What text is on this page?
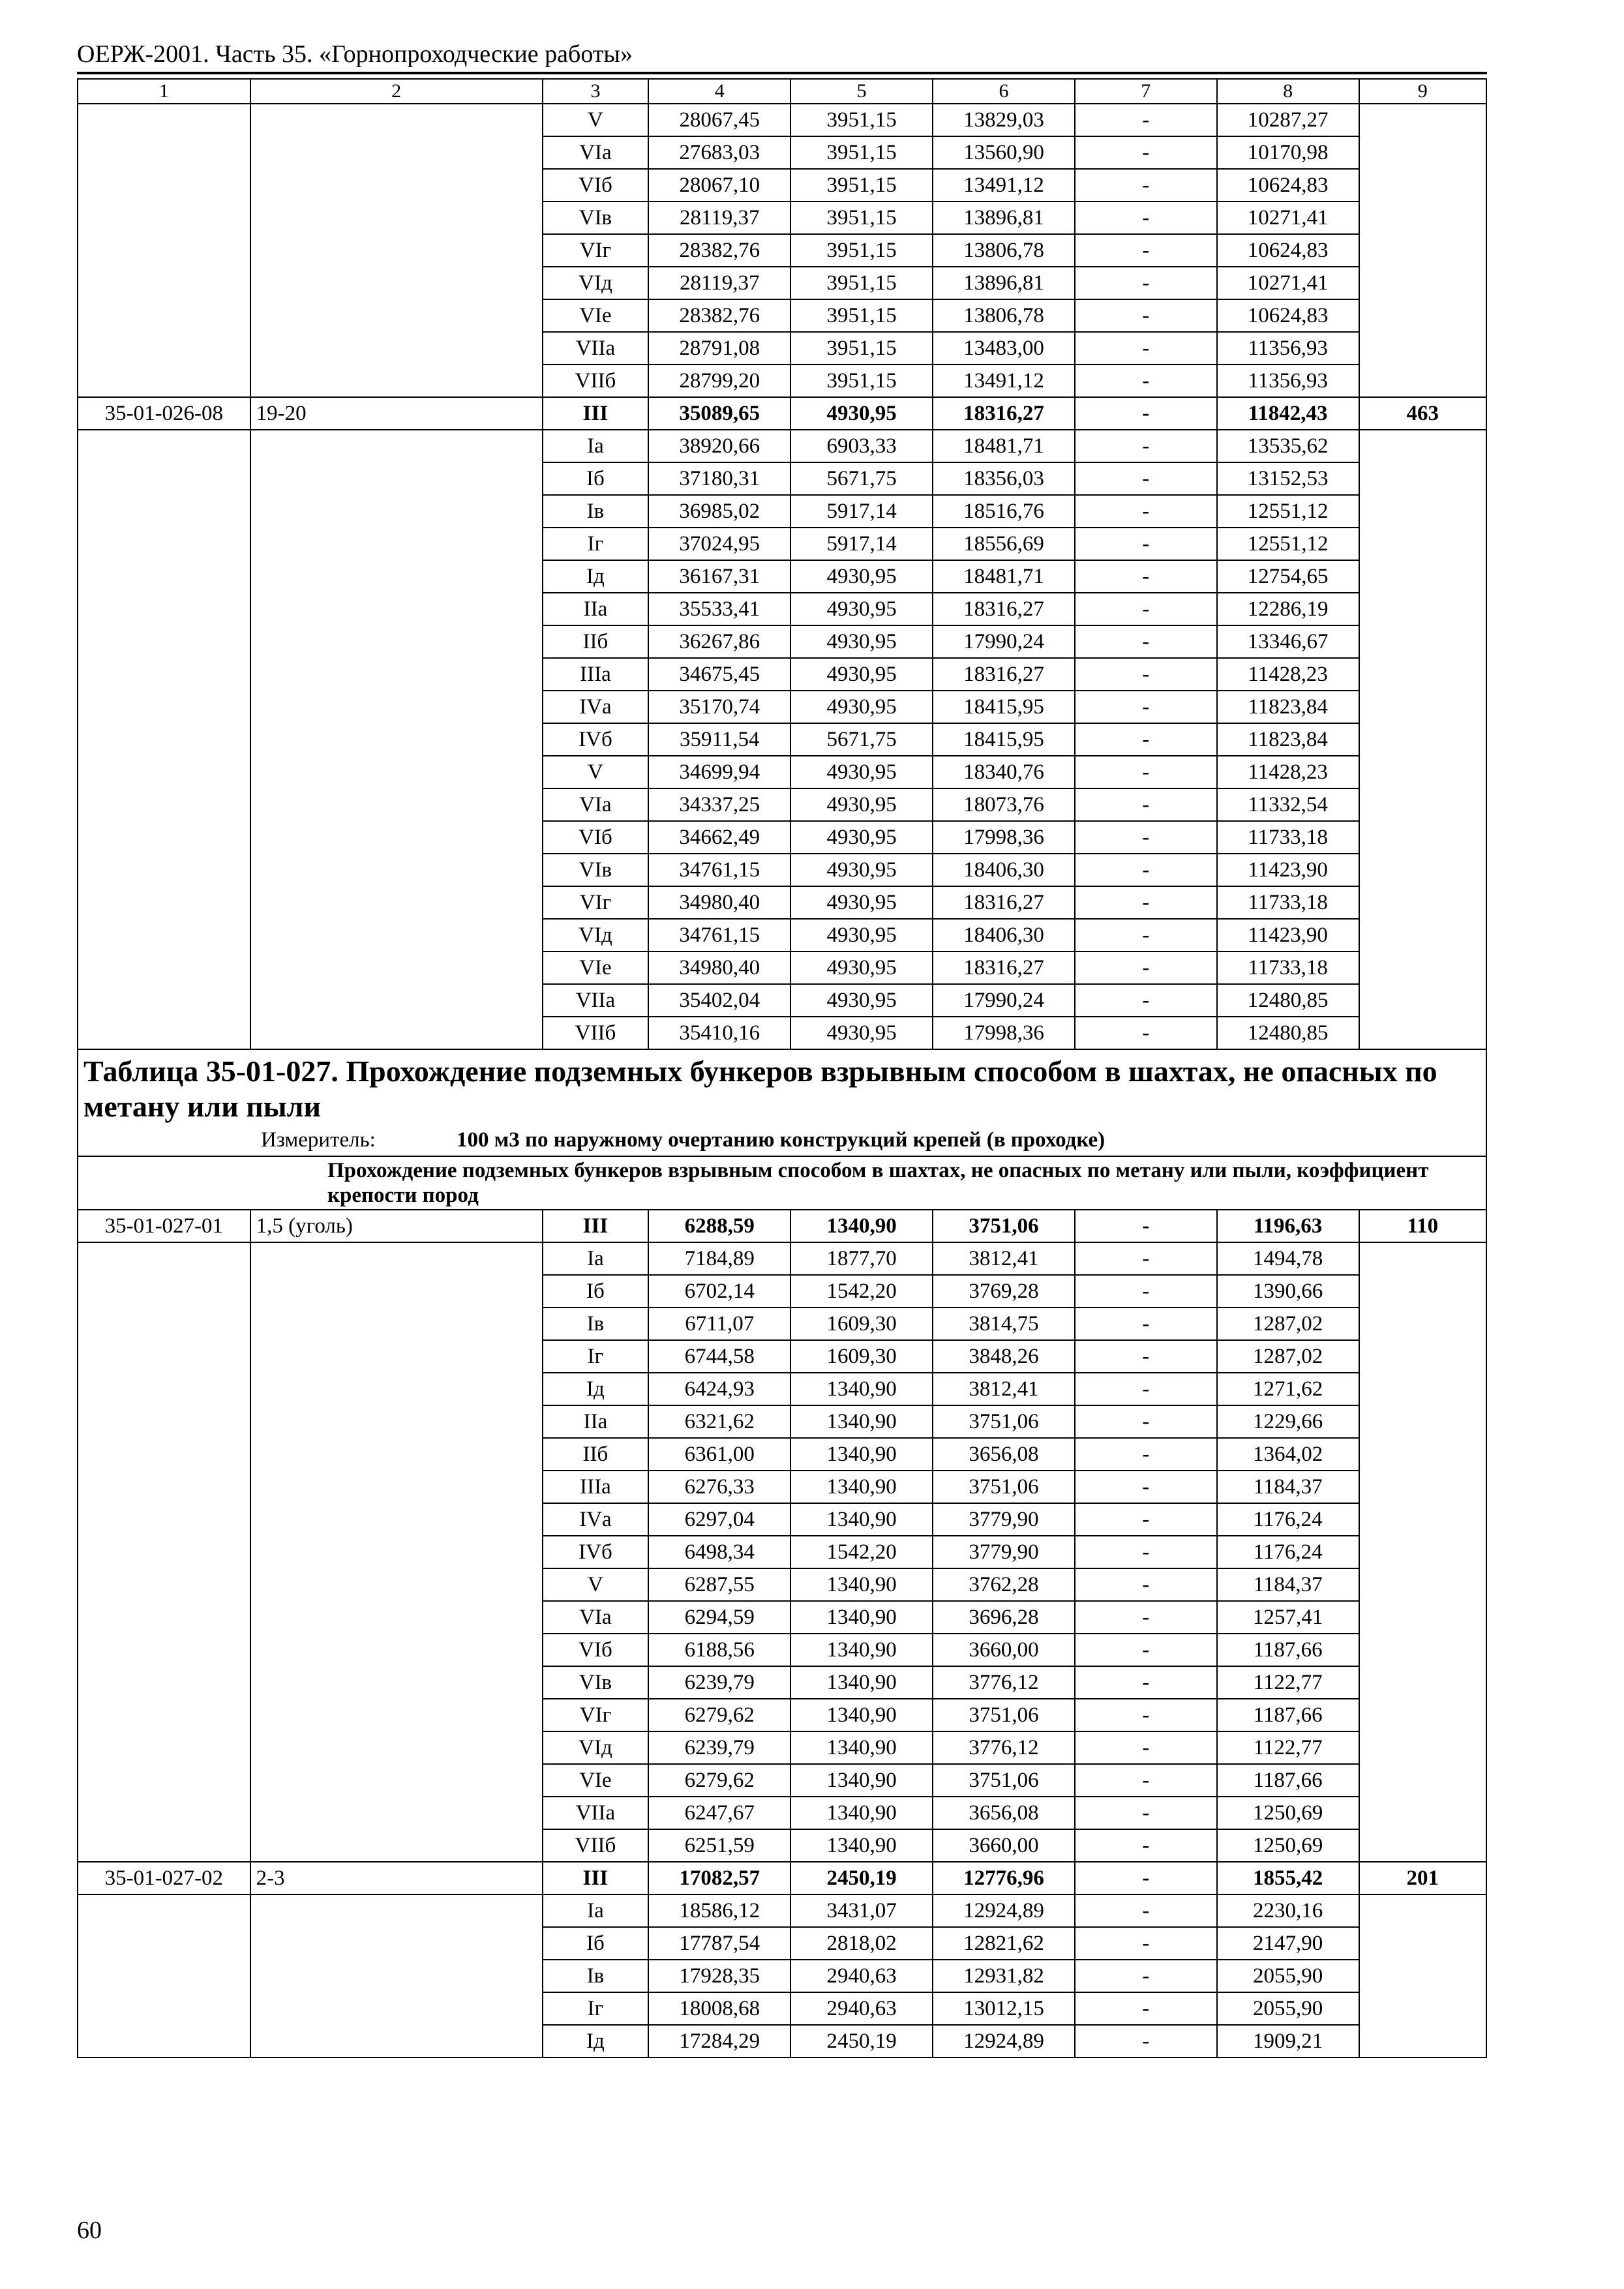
ОЕРЖ-2001. Часть 35. «Горнопроходческие работы»
1	2	3	4	5	6	7	8	9
		V	28067,45	3951,15	13829,03	-	10287,27	
		VIа	27683,03	3951,15	13560,90	-	10170,98	
		VIб	28067,10	3951,15	13491,12	-	10624,83	
		VIв	28119,37	3951,15	13896,81	-	10271,41	
		VIг	28382,76	3951,15	13806,78	-	10624,83	
		VIд	28119,37	3951,15	13896,81	-	10271,41	
		VIе	28382,76	3951,15	13806,78	-	10624,83	
		VIIа	28791,08	3951,15	13483,00	-	11356,93	
		VIIб	28799,20	3951,15	13491,12	-	11356,93	
35-01-026-08	19-20	III	35089,65	4930,95	18316,27	-	11842,43	463
		Iа	38920,66	6903,33	18481,71	-	13535,62	
		Iб	37180,31	5671,75	18356,03	-	13152,53	
		Iв	36985,02	5917,14	18516,76	-	12551,12	
		Iг	37024,95	5917,14	18556,69	-	12551,12	
		Iд	36167,31	4930,95	18481,71	-	12754,65	
		IIа	35533,41	4930,95	18316,27	-	12286,19	
		IIб	36267,86	4930,95	17990,24	-	13346,67	
		IIIа	34675,45	4930,95	18316,27	-	11428,23	
		IVа	35170,74	4930,95	18415,95	-	11823,84	
		IVб	35911,54	5671,75	18415,95	-	11823,84	
		V	34699,94	4930,95	18340,76	-	11428,23	
		VIа	34337,25	4930,95	18073,76	-	11332,54	
		VIб	34662,49	4930,95	17998,36	-	11733,18	
		VIв	34761,15	4930,95	18406,30	-	11423,90	
		VIг	34980,40	4930,95	18316,27	-	11733,18	
		VIд	34761,15	4930,95	18406,30	-	11423,90	
		VIе	34980,40	4930,95	18316,27	-	11733,18	
		VIIа	35402,04	4930,95	17990,24	-	12480,85	
		VIIб	35410,16	4930,95	17998,36	-	12480,85	
Таблица 35-01-027. Прохождение подземных бункеров взрывным способом в шахтах, не опасных по метану или пыли								
Измеритель: 100 м3 по наружному очертанию конструкций крепей (в проходке)								
Прохождение подземных бункеров взрывным способом в шахтах, не опасных по метану или пыли, коэффициент крепости пород								
35-01-027-01	1,5 (уголь)	III	6288,59	1340,90	3751,06	-	1196,63	110
		Iа	7184,89	1877,70	3812,41	-	1494,78	
		Iб	6702,14	1542,20	3769,28	-	1390,66	
		Iв	6711,07	1609,30	3814,75	-	1287,02	
		Iг	6744,58	1609,30	3848,26	-	1287,02	
		Iд	6424,93	1340,90	3812,41	-	1271,62	
		IIа	6321,62	1340,90	3751,06	-	1229,66	
		IIб	6361,00	1340,90	3656,08	-	1364,02	
		IIIа	6276,33	1340,90	3751,06	-	1184,37	
		IVа	6297,04	1340,90	3779,90	-	1176,24	
		IVб	6498,34	1542,20	3779,90	-	1176,24	
		V	6287,55	1340,90	3762,28	-	1184,37	
		VIа	6294,59	1340,90	3696,28	-	1257,41	
		VIб	6188,56	1340,90	3660,00	-	1187,66	
		VIв	6239,79	1340,90	3776,12	-	1122,77	
		VIг	6279,62	1340,90	3751,06	-	1187,66	
		VIд	6239,79	1340,90	3776,12	-	1122,77	
		VIе	6279,62	1340,90	3751,06	-	1187,66	
		VIIа	6247,67	1340,90	3656,08	-	1250,69	
		VIIб	6251,59	1340,90	3660,00	-	1250,69	
35-01-027-02	2-3	III	17082,57	2450,19	12776,96	-	1855,42	201
		Iа	18586,12	3431,07	12924,89	-	2230,16	
		Iб	17787,54	2818,02	12821,62	-	2147,90	
		Iв	17928,35	2940,63	12931,82	-	2055,90	
		Iг	18008,68	2940,63	13012,15	-	2055,90	
		Iд	17284,29	2450,19	12924,89	-	1909,21	
60
